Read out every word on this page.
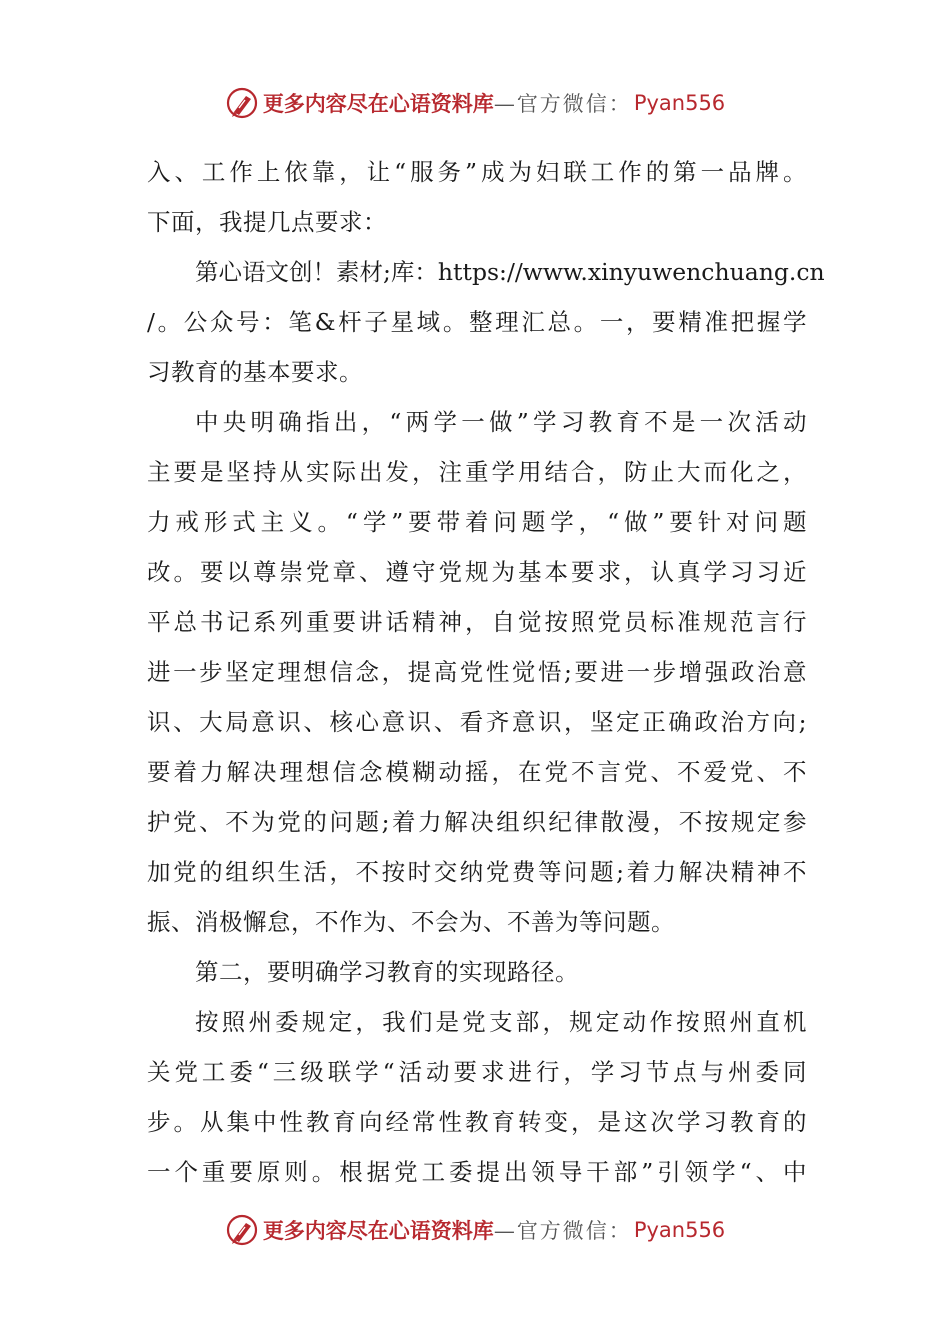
更多内容尽在心语资料库 —官方微信： Pyan556
入、工作上依靠，让“服务”成为妇联工作的第一品牌。
下面，我提几点要求：
第心语文创！素材;库：https://www.xinyuwenchuang.cn
/。公众号：笔&杆子星域。整理汇总。一，要精准把握学
习教育的基本要求。
中央明确指出，“两学一做”学习教育不是一次活动
主要是坚持从实际出发，注重学用结合，防止大而化之，
力戒形式主义。“学”要带着问题学，“做”要针对问题
改。要以尊崇党章、遵守党规为基本要求，认真学习习近
平总书记系列重要讲话精神，自觉按照党员标准规范言行
进一步坚定理想信念，提高党性觉悟;要进一步增强政治意
识、大局意识、核心意识、看齐意识，坚定正确政治方向;
要着力解决理想信念模糊动摇，在党不言党、不爱党、不
护党、不为党的问题;着力解决组织纪律散漫，不按规定参
加党的组织生活，不按时交纳党费等问题;着力解决精神不
振、消极懈怠，不作为、不会为、不善为等问题。
第二，要明确学习教育的实现路径。
按照州委规定，我们是党支部，规定动作按照州直机
关党工委“三级联学“活动要求进行，学习节点与州委同
步。从集中性教育向经常性教育转变，是这次学习教育的
一个重要原则。根据党工委提出领导干部”引领学“、中
更多内容尽在心语资料库 —官方微信： Pyan556
